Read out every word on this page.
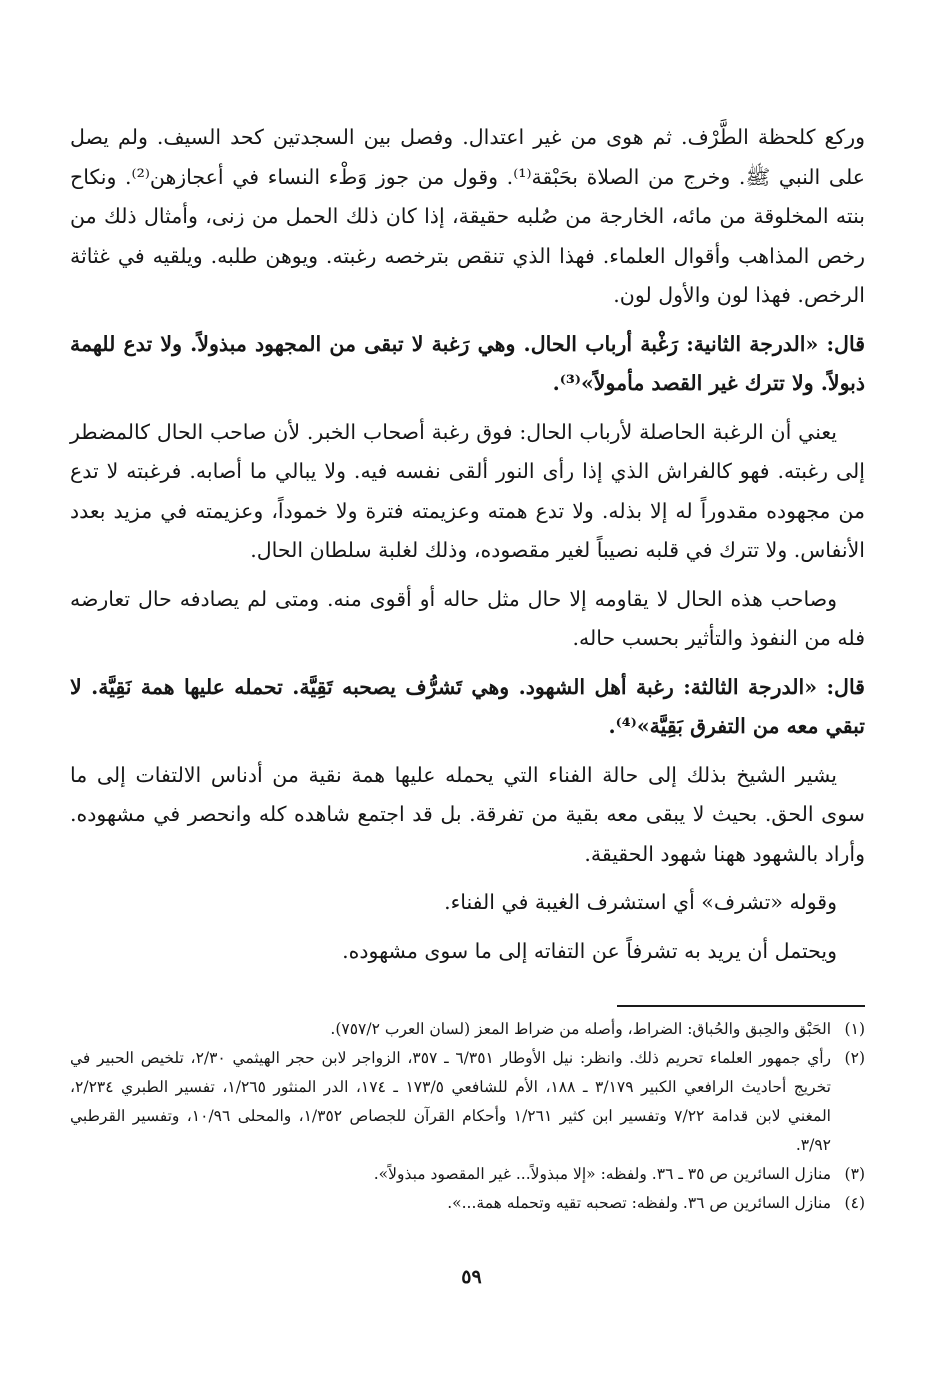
وركع كلحظة الطَّرْف. ثم هوى من غير اعتدال. وفصل بين السجدتين كحد السيف. ولم يصل على النبي ﷺ. وخرج من الصلاة بحَبْقة⁽¹⁾. وقول من جوز وَطْء النساء في أعجازهن⁽²⁾. ونكاح بنته المخلوقة من مائه، الخارجة من صُلبه حقيقة، إذا كان ذلك الحمل من زنى، وأمثال ذلك من رخص المذاهب وأقوال العلماء. فهذا الذي تنقص بترخصه رغبته. ويوهن طلبه. ويلقيه في غثاثة الرخص. فهذا لون والأول لون.

قال: «الدرجة الثانية: رَغْبة أرباب الحال. وهي رَغبة لا تبقى من المجهود مبذولاً. ولا تدع للهمة ذبولاً. ولا تترك غير القصد مأمولاً»⁽³⁾.

يعني أن الرغبة الحاصلة لأرباب الحال: فوق رغبة أصحاب الخبر. لأن صاحب الحال كالمضطر إلى رغبته. فهو كالفراش الذي إذا رأى النور ألقى نفسه فيه. ولا يبالي ما أصابه. فرغبته لا تدع من مجهوده مقدوراً له إلا بذله. ولا تدع همته وعزيمته فترة ولا خموداً، وعزيمته في مزيد بعدد الأنفاس. ولا تترك في قلبه نصيباً لغير مقصوده، وذلك لغلبة سلطان الحال.

وصاحب هذه الحال لا يقاومه إلا حال مثل حاله أو أقوى منه. ومتى لم يصادفه حال تعارضه فله من النفوذ والتأثير بحسب حاله.

قال: «الدرجة الثالثة: رغبة أهل الشهود. وهي تَشرُّف يصحبه تَقِيَّة. تحمله عليها همة نَقِيَّة. لا تبقي معه من التفرق بَقِيَّة»⁽⁴⁾.

يشير الشيخ بذلك إلى حالة الفناء التي يحمله عليها همة نقية من أدناس الالتفات إلى ما سوى الحق. بحيث لا يبقى معه بقية من تفرقة. بل قد اجتمع شاهده كله وانحصر في مشهوده. وأراد بالشهود ههنا شهود الحقيقة.

وقوله «تشرف» أي استشرف الغيبة في الفناء.

ويحتمل أن يريد به تشرفاً عن التفاته إلى ما سوى مشهوده.

(١)
الحَبْق والحِبق والحُباق: الضراط، وأصله من ضراط المعز (لسان العرب ٧٥٧/٢).
(٢)
رأي جمهور العلماء تحريم ذلك. وانظر: نيل الأوطار ٦/٣٥١ ـ ٣٥٧، الزواجر لابن حجر الهيثمي ٢/٣٠، تلخيص الحبير في تخريج أحاديث الرافعي الكبير ٣/١٧٩ ـ ١٨٨، الأم للشافعي ١٧٣/٥ ـ ١٧٤، الدر المنثور ١/٢٦٥، تفسير الطبري ٢/٢٣٤، المغني لابن قدامة ٧/٢٢ وتفسير ابن كثير ١/٢٦١ وأحكام القرآن للجصاص ١/٣٥٢، والمحلى ١٠/٩٦، وتفسير القرطبي ٣/٩٢.
(٣)
منازل السائرين ص ٣٥ ـ ٣٦. ولفظه: «إلا مبذولاً... غير المقصود مبذولاً».
(٤)
منازل السائرين ص ٣٦. ولفظه: تصحبه تقيه وتحمله همة...».
٥٩
